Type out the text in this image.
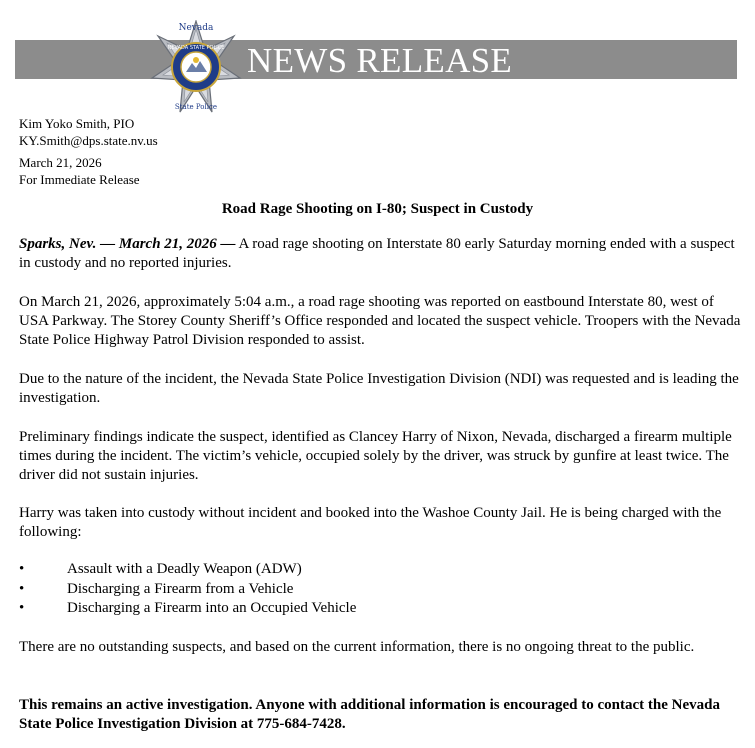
NEVADA STATE POLICE
Nevada
State Police
NEWS RELEASE
Kim Yoko Smith, PIO
KY.Smith@dps.state.nv.us
March 21, 2026
For Immediate Release
Road Rage Shooting on I-80; Suspect in Custody

Sparks, Nev. — March 21, 2026 — A road rage shooting on Interstate 80 early Saturday morning ended with a suspect in custody and no reported injuries.

On March 21, 2026, approximately 5:04 a.m., a road rage shooting was reported on eastbound Interstate 80, west of USA Parkway. The Storey County Sheriff’s Office responded and located the suspect vehicle. Troopers with the Nevada State Police Highway Patrol Division responded to assist.

Due to the nature of the incident, the Nevada State Police Investigation Division (NDI) was requested and is leading the investigation.

Preliminary findings indicate the suspect, identified as Clancey Harry of Nixon, Nevada, discharged a firearm multiple times during the incident. The victim’s vehicle, occupied solely by the driver, was struck by gunfire at least twice. The driver did not sustain injuries.

Harry was taken into custody without incident and booked into the Washoe County Jail. He is being charged with the following:

•	Assault with a Deadly Weapon (ADW)
•	Discharging a Firearm from a Vehicle
•	Discharging a Firearm into an Occupied Vehicle

There are no outstanding suspects, and based on the current information, there is no ongoing threat to the public.

This remains an active investigation. Anyone with additional information is encouraged to contact the Nevada State Police Investigation Division at 775-684-7428.
